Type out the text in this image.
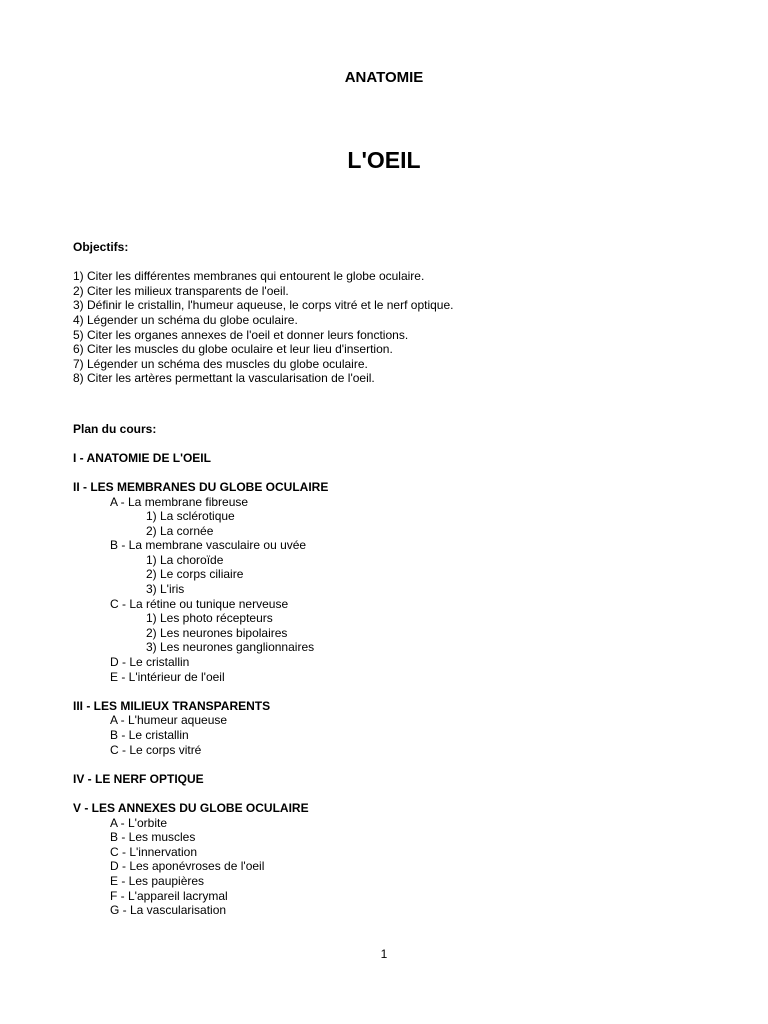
ANATOMIE
L'OEIL
Objectifs:
1) Citer les différentes membranes qui entourent le globe oculaire.
2) Citer les milieux transparents de l'oeil.
3) Définir le cristallin, l'humeur aqueuse, le corps vitré et le nerf optique.
4) Légender un schéma du globe oculaire.
5) Citer les organes annexes de l'oeil et donner leurs fonctions.
6) Citer les muscles du globe oculaire et leur lieu d'insertion.
7) Légender un schéma des muscles du globe oculaire.
8) Citer les artères permettant la vascularisation de l'oeil.
Plan du cours:
I - ANATOMIE DE L'OEIL
II - LES MEMBRANES DU GLOBE OCULAIRE
A - La membrane fibreuse
1) La sclérotique
2) La cornée
B - La membrane vasculaire ou uvée
1) La choroïde
2) Le corps ciliaire
3) L'iris
C - La rétine ou tunique nerveuse
1) Les photo récepteurs
2) Les neurones bipolaires
3) Les neurones ganglionnaires
D - Le cristallin
E - L'intérieur de l'oeil
III - LES MILIEUX TRANSPARENTS
A - L'humeur aqueuse
B - Le cristallin
C - Le corps vitré
IV - LE NERF OPTIQUE
V - LES ANNEXES DU GLOBE OCULAIRE
A - L'orbite
B - Les muscles
C - L'innervation
D - Les aponévroses de l'oeil
E - Les paupières
F - L'appareil lacrymal
G - La vascularisation
1
